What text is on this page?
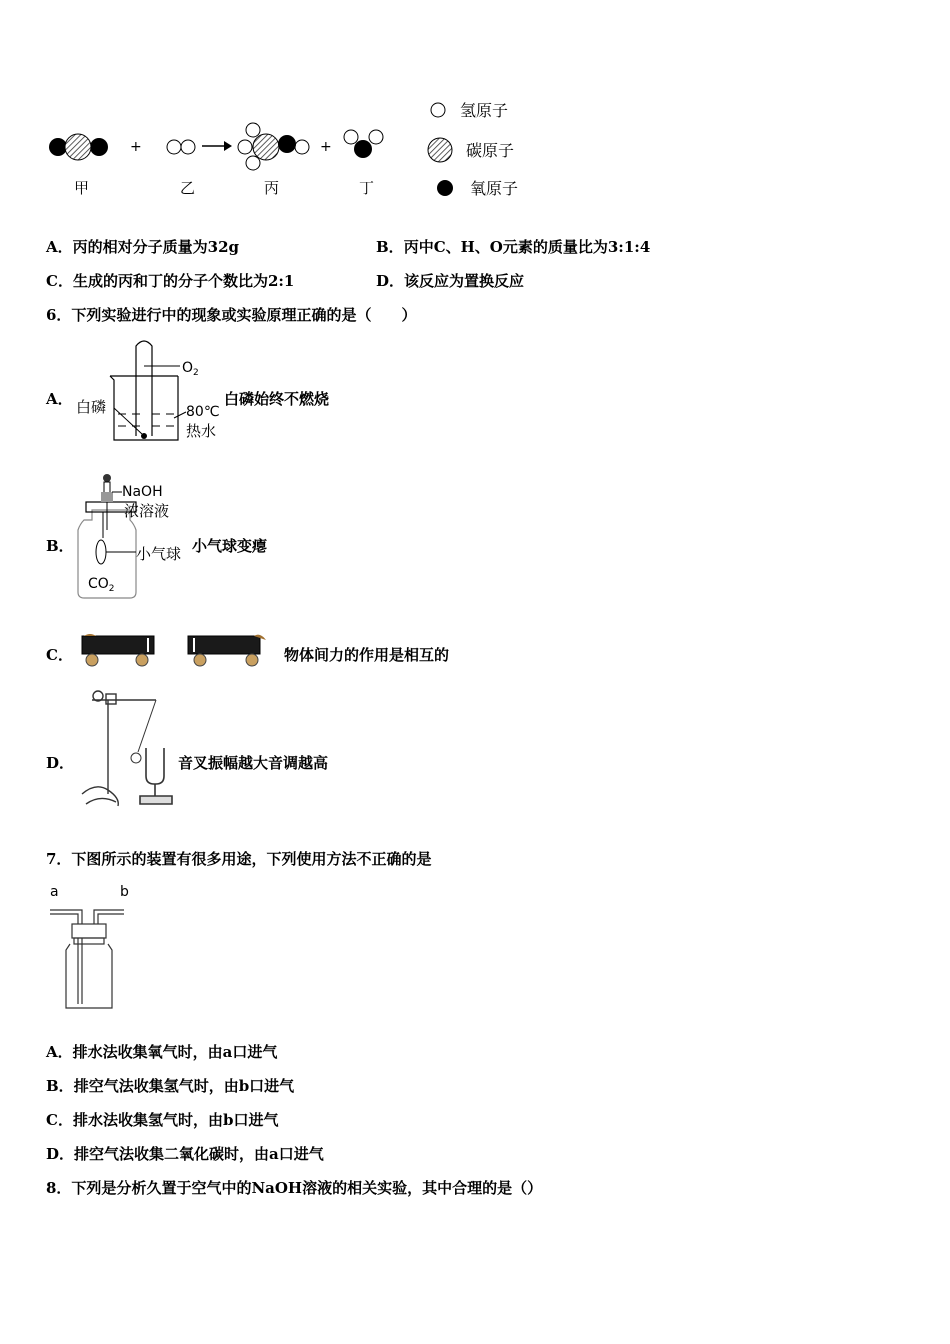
+	+
甲	乙	丙	丁
氢原子
碳原子
氧原子
A．丙的相对分子质量为32g	B．丙中C、H、O元素的质量比为3:1:4
C．生成的丙和丁的分子个数比为2:1	D．该反应为置换反应
6．下列实验进行中的现象或实验原理正确的是（　　）
A．
$O_2$
白磷	80℃
热水
白磷始终不燃烧
B．
NaOH
浓溶液
小气球
$CO_2$
小气球变瘪
C．	物体间力的作用是相互的
D．	音叉振幅越大音调越高
7．下图所示的装置有很多用途，下列使用方法不正确的是
a	b
A．排水法收集氧气时，由a口进气
B．排空气法收集氢气时，由b口进气
C．排水法收集氢气时，由b口进气
D．排空气法收集二氧化碳时，由a口进气
8．下列是分析久置于空气中的NaOH溶液的相关实验，其中合理的是（）
